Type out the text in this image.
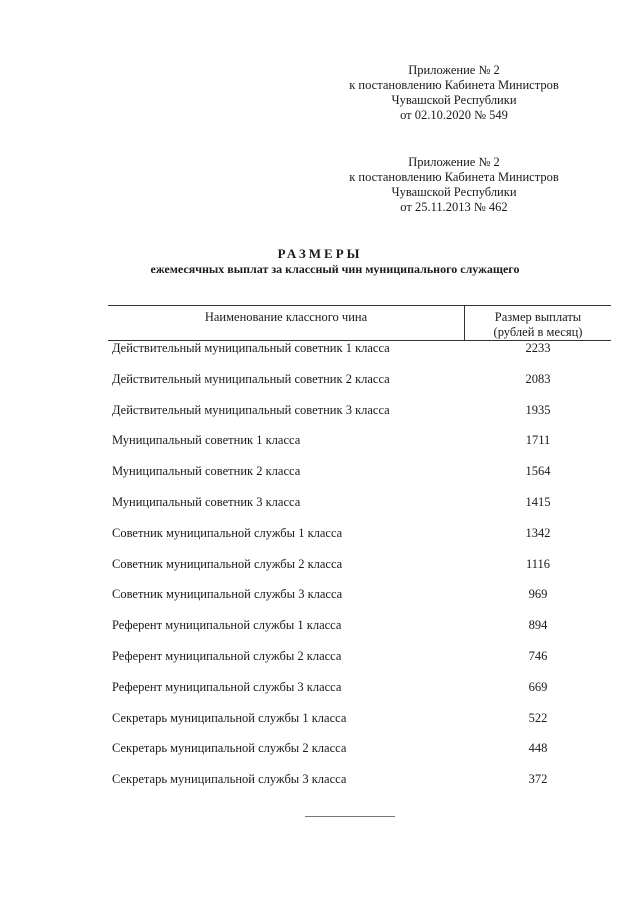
Приложение № 2
к постановлению Кабинета Министров
Чувашской Республики
от 02.10.2020 № 549
Приложение № 2
к постановлению Кабинета Министров
Чувашской Республики
от 25.11.2013 № 462
РАЗМЕРЫ
ежемесячных выплат за классный чин муниципального служащего
Наименование классного чина	Размер выплаты
(рублей в месяц)
Действительный муниципальный советник 1 класса	2233
Действительный муниципальный советник 2 класса	2083
Действительный муниципальный советник 3 класса	1935
Муниципальный советник 1 класса	1711
Муниципальный советник 2 класса	1564
Муниципальный советник 3 класса	1415
Советник муниципальной службы 1 класса	1342
Советник муниципальной службы 2 класса	1116
Советник муниципальной службы 3 класса	969
Референт муниципальной службы 1 класса	894
Референт муниципальной службы 2 класса	746
Референт муниципальной службы 3 класса	669
Секретарь муниципальной службы 1 класса	522
Секретарь муниципальной службы 2 класса	448
Секретарь муниципальной службы 3 класса	372
